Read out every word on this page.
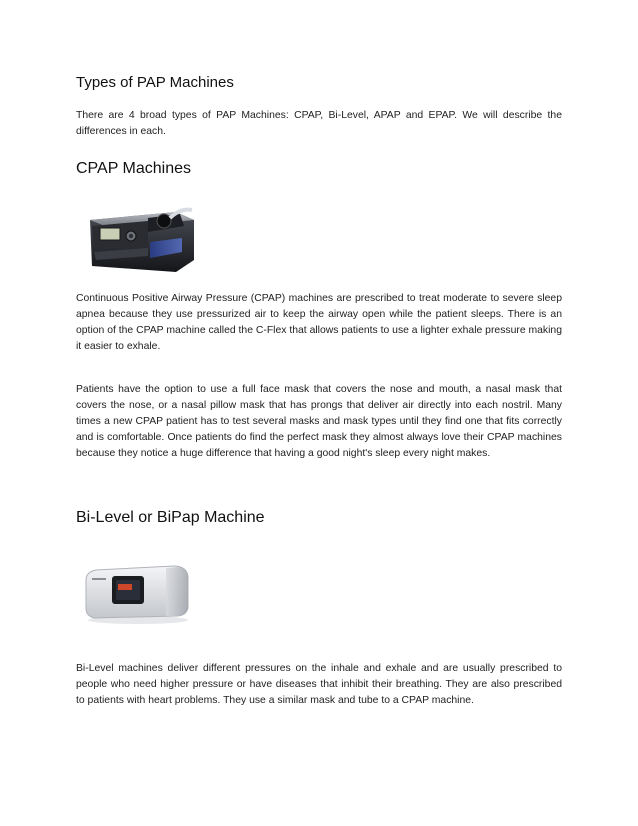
Types of PAP Machines

There are 4 broad types of PAP Machines: CPAP, Bi-Level, APAP and EPAP. We will describe the differences in each.

CPAP Machines

Continuous Positive Airway Pressure (CPAP) machines are prescribed to treat moderate to severe sleep apnea because they use pressurized air to keep the airway open while the patient sleeps. There is an option of the CPAP machine called the C-Flex that allows patients to use a lighter exhale pressure making it easier to exhale.

Patients have the option to use a full face mask that covers the nose and mouth, a nasal mask that covers the nose, or a nasal pillow mask that has prongs that deliver air directly into each nostril. Many times a new CPAP patient has to test several masks and mask types until they find one that fits correctly and is comfortable. Once patients do find the perfect mask they almost always love their CPAP machines because they notice a huge difference that having a good night's sleep every night makes.

Bi-Level or BiPap Machine

Bi-Level machines deliver different pressures on the inhale and exhale and are usually prescribed to people who need higher pressure or have diseases that inhibit their breathing. They are also prescribed to patients with heart problems. They use a similar mask and tube to a CPAP machine.
